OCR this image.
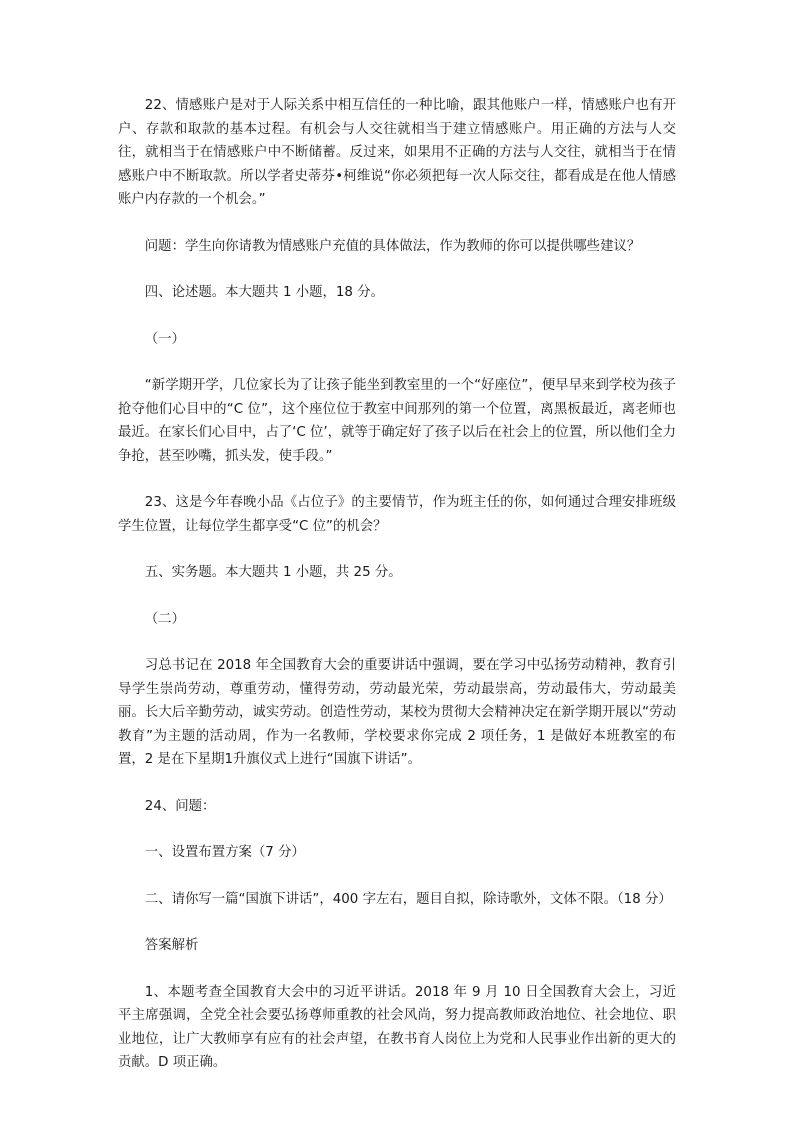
22、情感账户是对于人际关系中相互信任的一种比喻，跟其他账户一样，情感账户也有开户、存款和取款的基本过程。有机会与人交往就相当于建立情感账户。用正确的方法与人交往，就相当于在情感账户中不断储蓄。反过来，如果用不正确的方法与人交往，就相当于在情感账户中不断取款。所以学者史蒂芬•柯维说“你必须把每一次人际交往，都看成是在他人情感账户内存款的一个机会。”

问题：学生向你请教为情感账户充值的具体做法，作为教师的你可以提供哪些建议？

四、论述题。本大题共 1 小题，18 分。

（一）

“新学期开学，几位家长为了让孩子能坐到教室里的一个“好座位”，便早早来到学校为孩子抢夺他们心目中的“C 位”，这个座位位于教室中间那列的第一个位置，离黑板最近，离老师也最近。在家长们心目中，占了‘C 位’，就等于确定好了孩子以后在社会上的位置，所以他们全力争抢，甚至吵嘴，抓头发，使手段。”

23、这是今年春晚小品《占位子》的主要情节，作为班主任的你，如何通过合理安排班级学生位置，让每位学生都享受“C 位”的机会？

五、实务题。本大题共 1 小题，共 25 分。

（二）

习总书记在 2018 年全国教育大会的重要讲话中强调，要在学习中弘扬劳动精神，教育引导学生崇尚劳动，尊重劳动，懂得劳动，劳动最光荣，劳动最崇高，劳动最伟大，劳动最美丽。长大后辛勤劳动，诚实劳动。创造性劳动，某校为贯彻大会精神决定在新学期开展以“劳动教育”为主题的活动周，作为一名教师，学校要求你完成 2 项任务，1 是做好本班教室的布置，2 是在下星期1升旗仪式上进行“国旗下讲话”。

24、问题：

一、设置布置方案（7 分）

二、请你写一篇“国旗下讲话”，400 字左右，题目自拟，除诗歌外，文体不限。（18 分）

答案解析

1、本题考查全国教育大会中的习近平讲话。2018 年 9 月 10 日全国教育大会上，习近平主席强调，全党全社会要弘扬尊师重教的社会风尚，努力提高教师政治地位、社会地位、职业地位，让广大教师享有应有的社会声望，在教书育人岗位上为党和人民事业作出新的更大的贡献。D 项正确。
